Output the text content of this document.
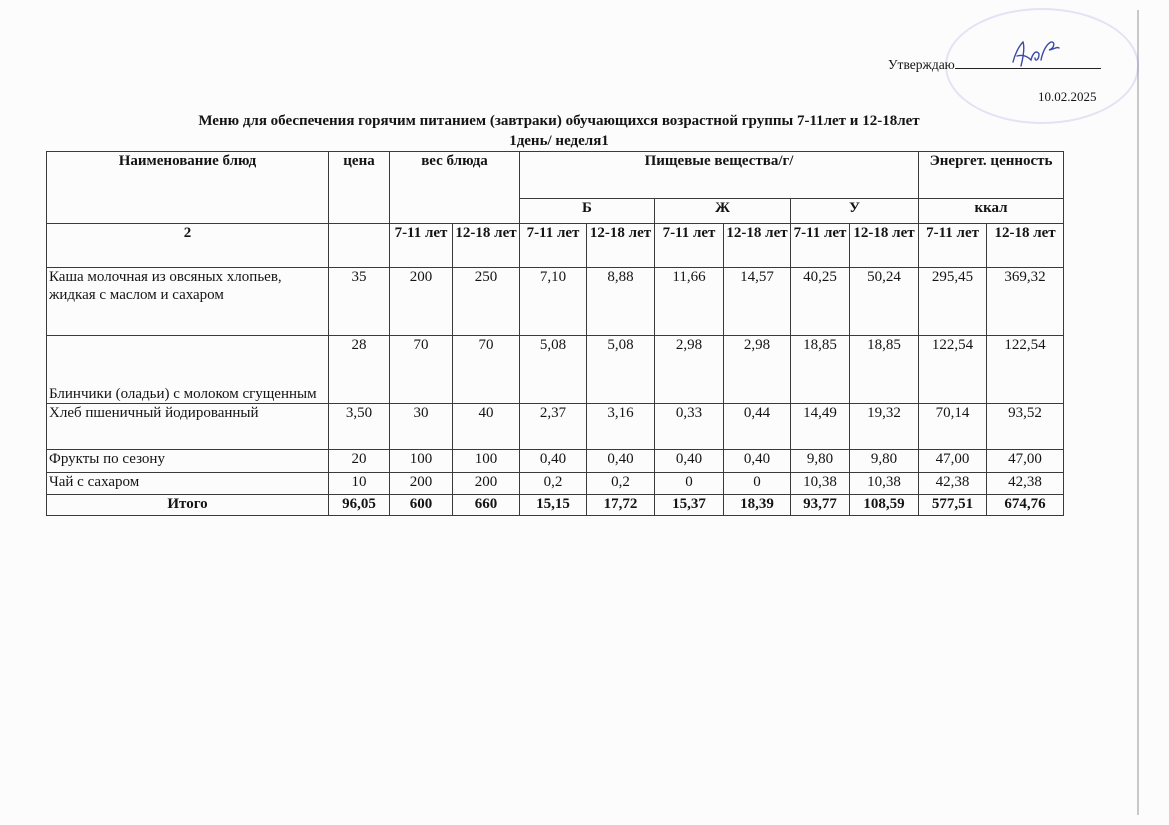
Утверждаю
10.02.2025
Меню для обеспечения горячим питанием (завтраки) обучающихся возрастной группы 7-11лет и 12-18лет
1день/ неделя1
Наименование блюд	цена	вес блюда		Пищевые вещества/г/						Энергет. ценность	
				Б		Ж		У		ккал	
2		7-11 лет	12-18 лет	7-11 лет	12-18 лет	7-11 лет	12-18 лет	7-11 лет	12-18 лет	7-11 лет	12-18 лет
Каша молочная из овсяных хлопьев, жидкая с маслом и сахаром	35	200	250	7,10	8,88	11,66	14,57	40,25	50,24	295,45	369,32
Блинчики (оладьи) с молоком сгущенным	28	70	70	5,08	5,08	2,98	2,98	18,85	18,85	122,54	122,54
Хлеб пшеничный йодированный	3,50	30	40	2,37	3,16	0,33	0,44	14,49	19,32	70,14	93,52
Фрукты по сезону	20	100	100	0,40	0,40	0,40	0,40	9,80	9,80	47,00	47,00
Чай с сахаром	10	200	200	0,2	0,2	0	0	10,38	10,38	42,38	42,38
Итого	96,05	600	660	15,15	17,72	15,37	18,39	93,77	108,59	577,51	674,76
